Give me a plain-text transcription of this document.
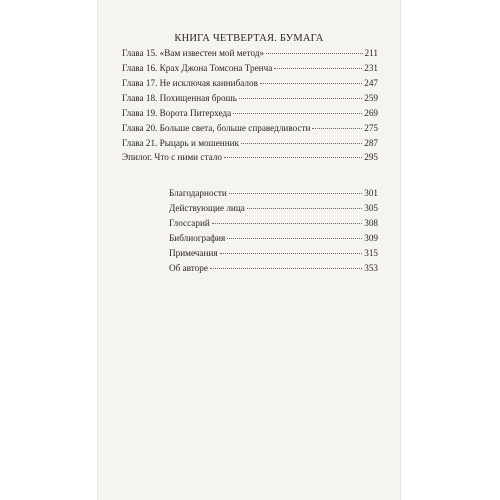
КНИГА ЧЕТВЕРТАЯ. БУМАГА
Глава 15. «Вам известен мой метод»	211
Глава 16. Крах Джона Томсона Тренча	231
Глава 17. Не исключая каннибалов	247
Глава 18. Похищенная брошь	259
Глава 19. Ворота Питерхеда	269
Глава 20. Больше света, больше справедливости	275
Глава 21. Рыцарь и мошенник	287
Эпилог. Что с ними стало	295
Благодарности	301
Действующие лица	305
Глоссарий	308
Библиография	309
Примечания	315
Об авторе	353
